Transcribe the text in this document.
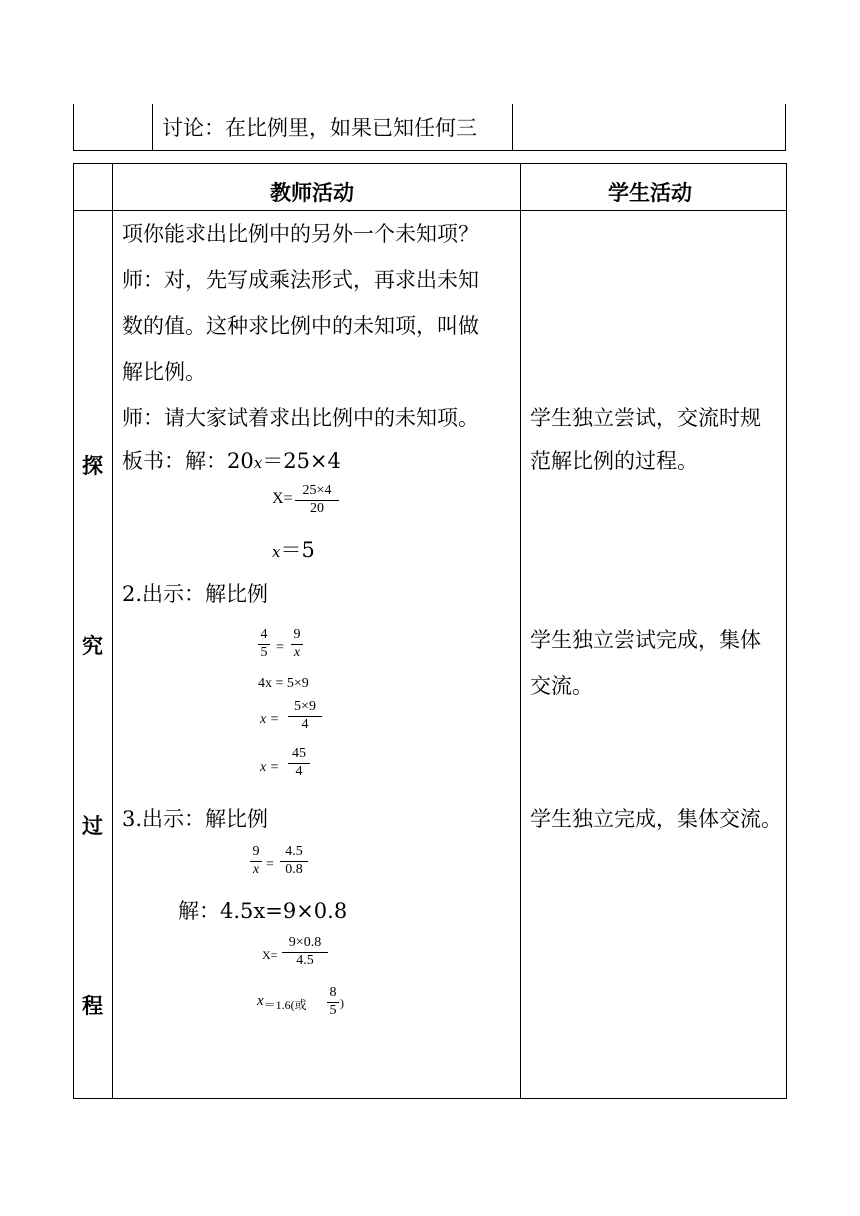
讨论：在比例里，如果已知任何三
教师活动	学生活动
探
究
过
程
项你能求出比例中的另外一个未知项？
师：对，先写成乘法形式，再求出未知
数的值。这种求比例中的未知项，叫做
解比例。
师：请大家试着求出比例中的未知项。
板书：解：20x＝25×4
X= 25×4
20
x＝5
2.出示：解比例
4
5 =
9
x
4x = 5×9
x =
5×9
4
x =
45
4
3.出示：解比例
9
x =
4.5
0.8
解：4.5x=9×0.8
X=
9×0.8
4.5
x＝1.6(或
8
5 )
学生独立尝试，交流时规
范解比例的过程。
学生独立尝试完成，集体
交流。
学生独立完成，集体交流。
